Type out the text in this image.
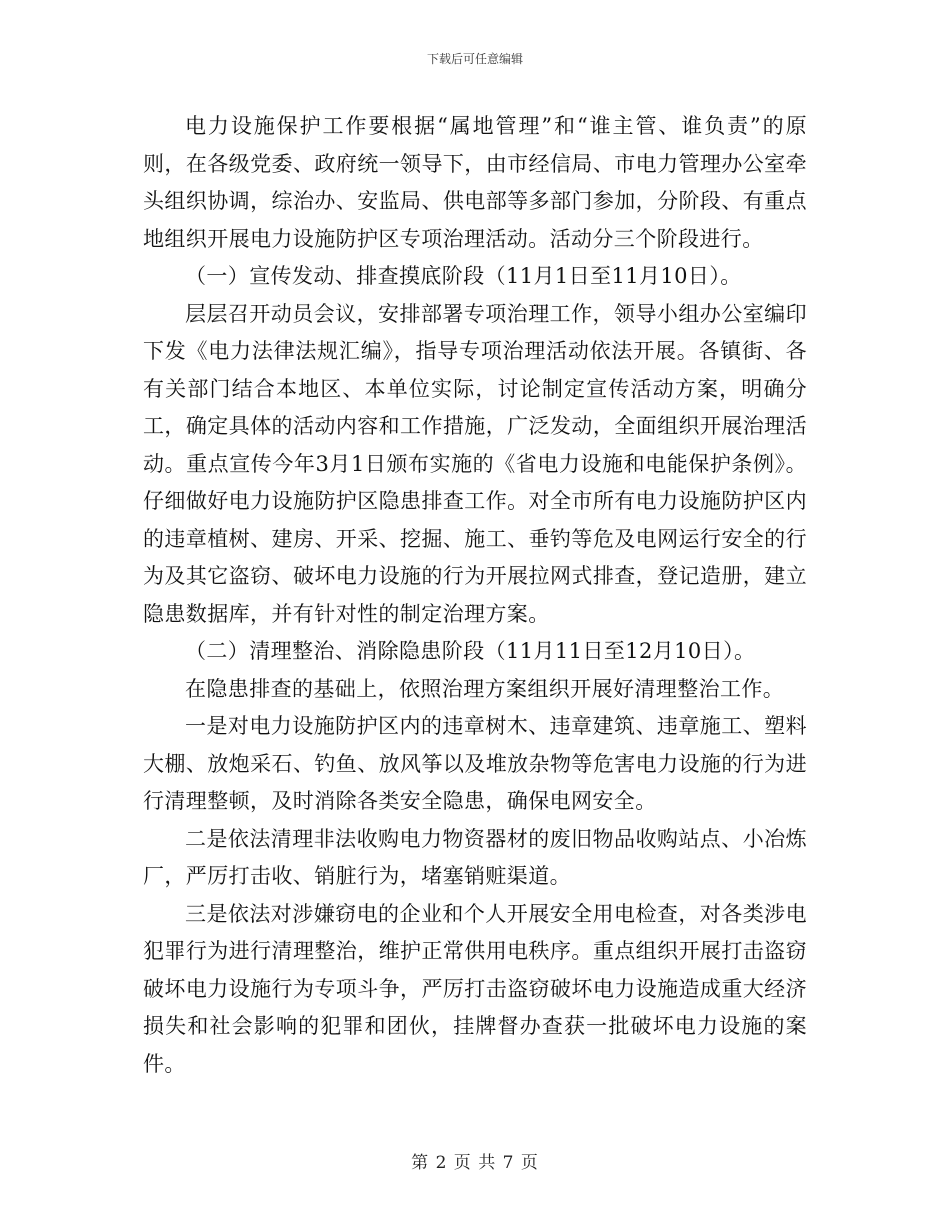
下载后可任意编辑

电力设施保护工作要根据“属地管理”和“谁主管、谁负责”的原则，在各级党委、政府统一领导下，由市经信局、市电力管理办公室牵头组织协调，综治办、安监局、供电部等多部门参加，分阶段、有重点地组织开展电力设施防护区专项治理活动。活动分三个阶段进行。

（一）宣传发动、排查摸底阶段（11月1日至11月10日）。

层层召开动员会议，安排部署专项治理工作，领导小组办公室编印下发《电力法律法规汇编》，指导专项治理活动依法开展。各镇街、各有关部门结合本地区、本单位实际，讨论制定宣传活动方案，明确分工，确定具体的活动内容和工作措施，广泛发动，全面组织开展治理活动。重点宣传今年3月1日颁布实施的《省电力设施和电能保护条例》。仔细做好电力设施防护区隐患排查工作。对全市所有电力设施防护区内的违章植树、建房、开采、挖掘、施工、垂钓等危及电网运行安全的行为及其它盗窃、破坏电力设施的行为开展拉网式排查，登记造册，建立隐患数据库，并有针对性的制定治理方案。

（二）清理整治、消除隐患阶段（11月11日至12月10日）。

在隐患排查的基础上，依照治理方案组织开展好清理整治工作。

一是对电力设施防护区内的违章树木、违章建筑、违章施工、塑料大棚、放炮采石、钓鱼、放风筝以及堆放杂物等危害电力设施的行为进行清理整顿，及时消除各类安全隐患，确保电网安全。

二是依法清理非法收购电力物资器材的废旧物品收购站点、小冶炼厂，严厉打击收、销脏行为，堵塞销赃渠道。

三是依法对涉嫌窃电的企业和个人开展安全用电检查，对各类涉电犯罪行为进行清理整治，维护正常供用电秩序。重点组织开展打击盗窃破坏电力设施行为专项斗争，严厉打击盗窃破坏电力设施造成重大经济损失和社会影响的犯罪和团伙，挂牌督办查获一批破坏电力设施的案件。

第 2 页 共 7 页
